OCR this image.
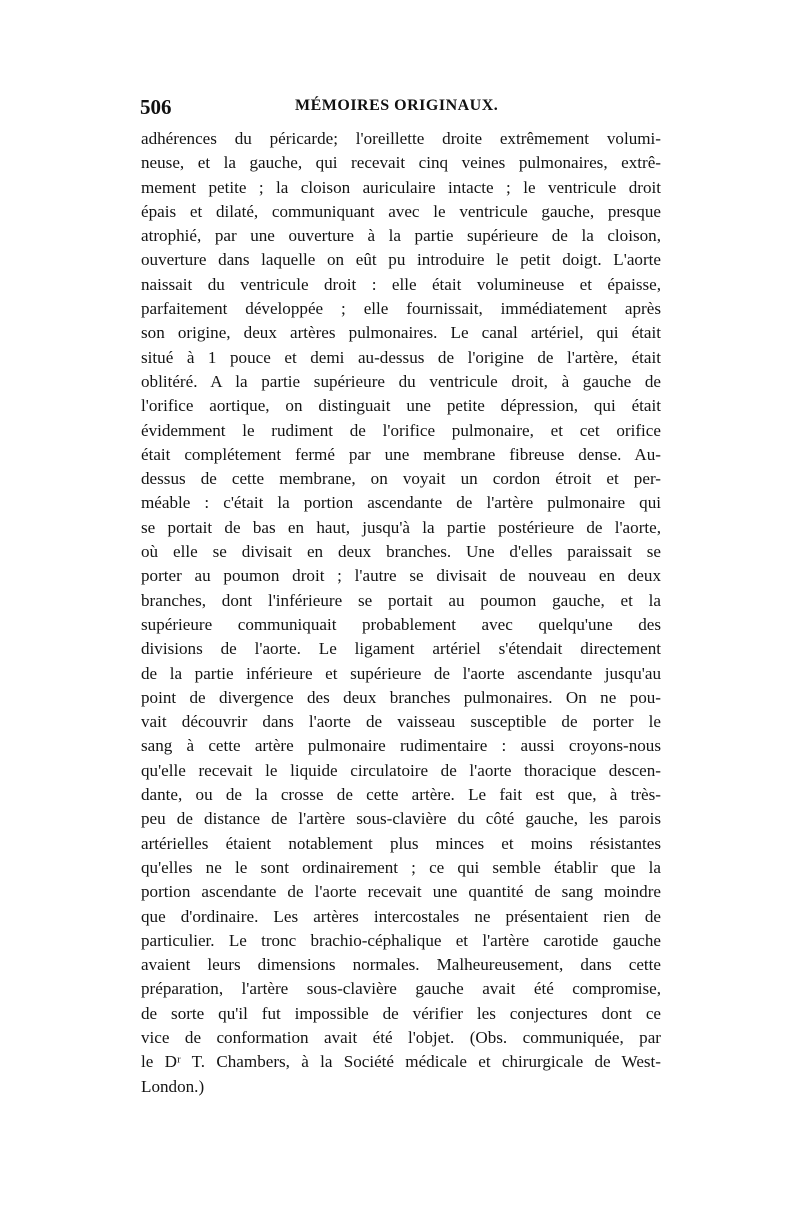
506	MÉMOIRES ORIGINAUX.
adhérences du péricarde; l'oreillette droite extrêmement volumi-
neuse, et la gauche, qui recevait cinq veines pulmonaires, extrê-
mement petite ; la cloison auriculaire intacte ; le ventricule droit
épais et dilaté, communiquant avec le ventricule gauche, presque
atrophié, par une ouverture à la partie supérieure de la cloison,
ouverture dans laquelle on eût pu introduire le petit doigt. L'aorte
naissait du ventricule droit : elle était volumineuse et épaisse,
parfaitement développée ; elle fournissait, immédiatement après
son origine, deux artères pulmonaires. Le canal artériel, qui était
situé à 1 pouce et demi au-dessus de l'origine de l'artère, était
oblitéré. A la partie supérieure du ventricule droit, à gauche de
l'orifice aortique, on distinguait une petite dépression, qui était
évidemment le rudiment de l'orifice pulmonaire, et cet orifice
était complétement fermé par une membrane fibreuse dense. Au-
dessus de cette membrane, on voyait un cordon étroit et per-
méable : c'était la portion ascendante de l'artère pulmonaire qui
se portait de bas en haut, jusqu'à la partie postérieure de l'aorte,
où elle se divisait en deux branches. Une d'elles paraissait se
porter au poumon droit ; l'autre se divisait de nouveau en deux
branches, dont l'inférieure se portait au poumon gauche, et la
supérieure communiquait probablement avec quelqu'une des
divisions de l'aorte. Le ligament artériel s'étendait directement
de la partie inférieure et supérieure de l'aorte ascendante jusqu'au
point de divergence des deux branches pulmonaires. On ne pou-
vait découvrir dans l'aorte de vaisseau susceptible de porter le
sang à cette artère pulmonaire rudimentaire : aussi croyons-nous
qu'elle recevait le liquide circulatoire de l'aorte thoracique descen-
dante, ou de la crosse de cette artère. Le fait est que, à très-
peu de distance de l'artère sous-clavière du côté gauche, les parois
artérielles étaient notablement plus minces et moins résistantes
qu'elles ne le sont ordinairement ; ce qui semble établir que la
portion ascendante de l'aorte recevait une quantité de sang moindre
que d'ordinaire. Les artères intercostales ne présentaient rien de
particulier. Le tronc brachio-céphalique et l'artère carotide gauche
avaient leurs dimensions normales. Malheureusement, dans cette
préparation, l'artère sous-clavière gauche avait été compromise,
de sorte qu'il fut impossible de vérifier les conjectures dont ce
vice de conformation avait été l'objet. (Obs. communiquée, par
le Dʳ T. Chambers, à la Société médicale et chirurgicale de West-
London.)
